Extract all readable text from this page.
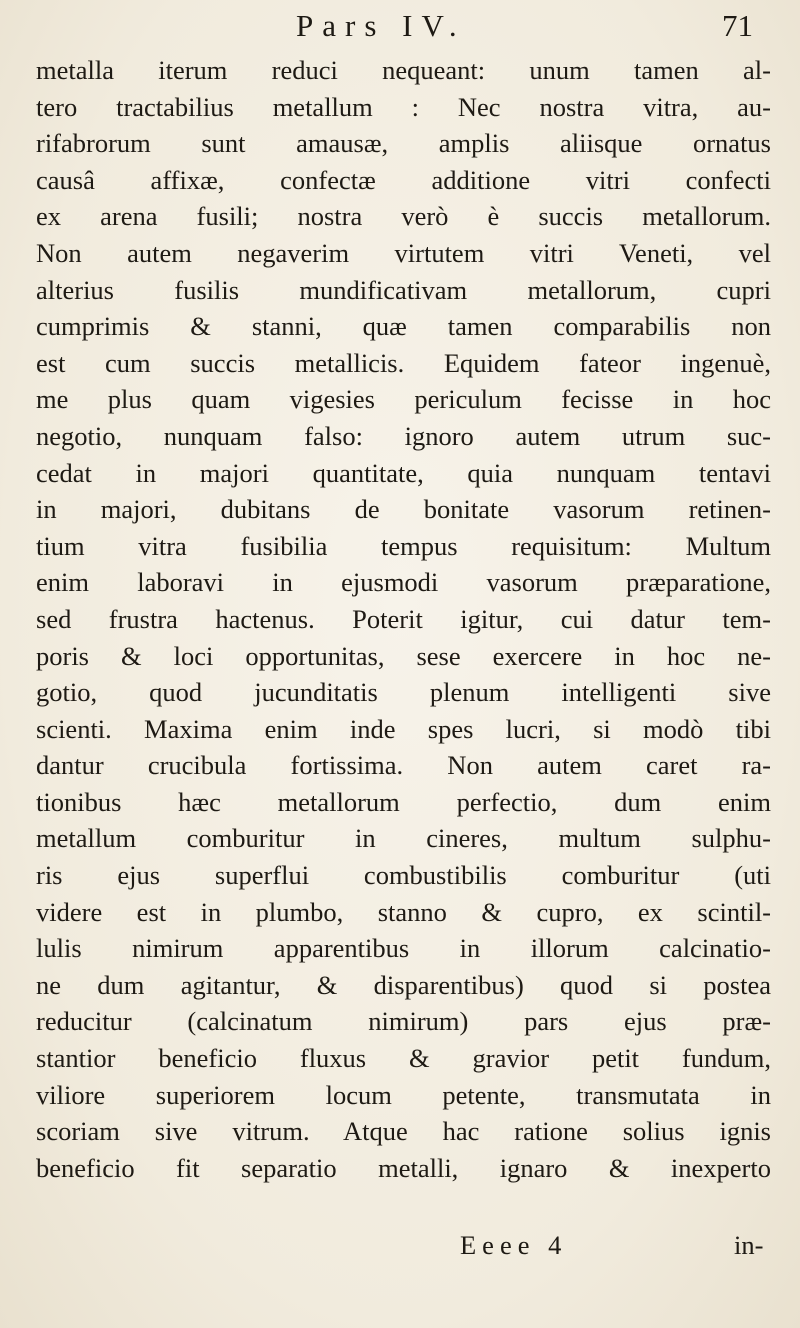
Pars IV.	71
metalla iterum reduci nequeant: unum tamen al-
tero tractabilius metallum : Nec nostra vitra, au-
rifabrorum sunt amausæ, amplis aliisque ornatus
causâ affixæ, confectæ additione vitri confecti
ex arena fusili; nostra verò è succis metallorum.
Non autem negaverim virtutem vitri Veneti, vel
alterius fusilis mundificativam metallorum, cupri
cumprimis & stanni, quæ tamen comparabilis non
est cum succis metallicis. Equidem fateor ingenuè,
me plus quam vigesies periculum fecisse in hoc
negotio, nunquam falso: ignoro autem utrum suc-
cedat in majori quantitate, quia nunquam tentavi
in majori, dubitans de bonitate vasorum retinen-
tium vitra fusibilia tempus requisitum: Multum
enim laboravi in ejusmodi vasorum præparatione,
sed frustra hactenus. Poterit igitur, cui datur tem-
poris & loci opportunitas, sese exercere in hoc ne-
gotio, quod jucunditatis plenum intelligenti sive
scienti. Maxima enim inde spes lucri, si modò tibi
dantur crucibula fortissima. Non autem caret ra-
tionibus hæc metallorum perfectio, dum enim
metallum comburitur in cineres, multum sulphu-
ris ejus superflui combustibilis comburitur (uti
videre est in plumbo, stanno & cupro, ex scintil-
lulis nimirum apparentibus in illorum calcinatio-
ne dum agitantur, & disparentibus) quod si postea
reducitur (calcinatum nimirum) pars ejus præ-
stantior beneficio fluxus & gravior petit fundum,
viliore superiorem locum petente, transmutata in
scoriam sive vitrum. Atque hac ratione solius ignis
beneficio fit separatio metalli, ignaro & inexperto
Eeee 4	in-
